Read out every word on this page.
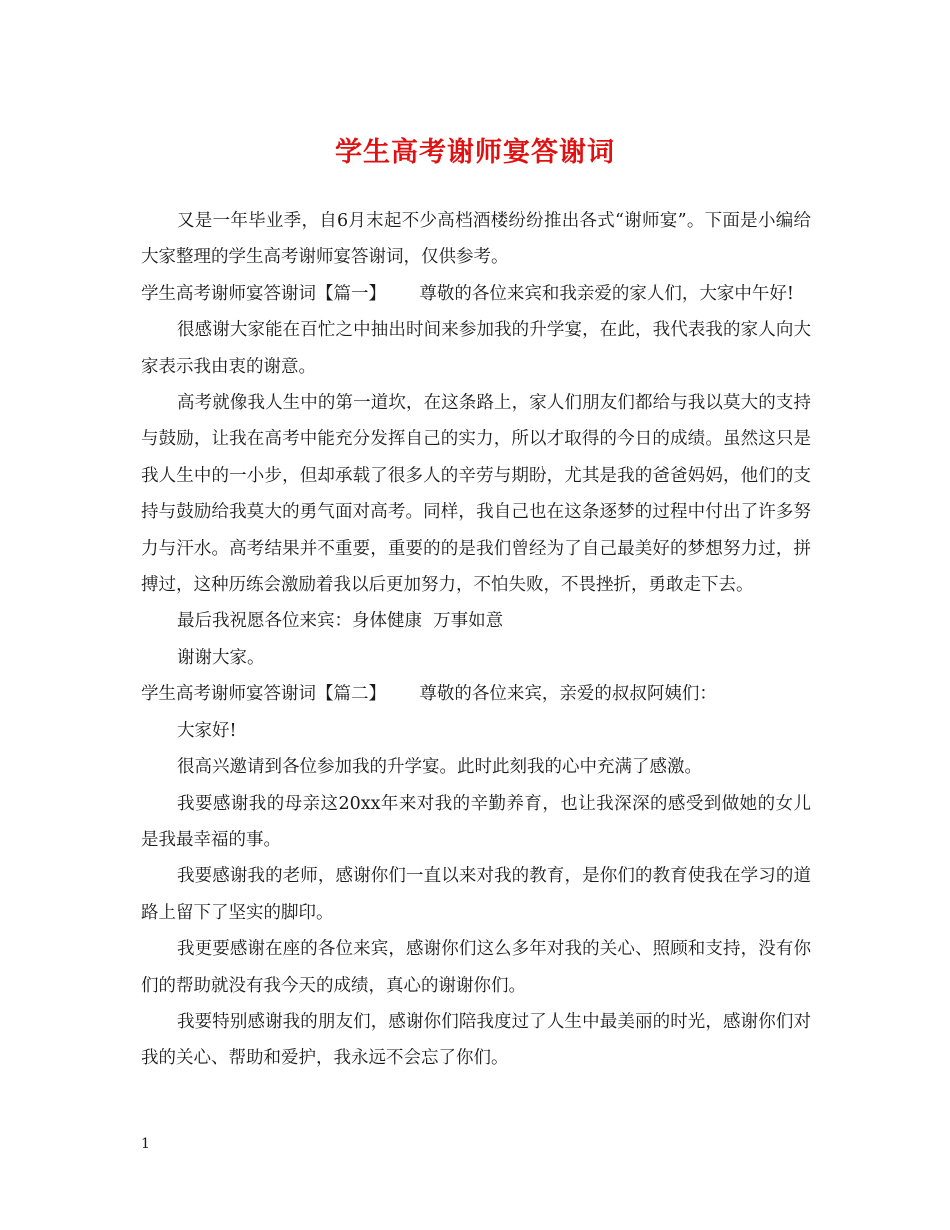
学生高考谢师宴答谢词

又是一年毕业季，自6月末起不少高档酒楼纷纷推出各式“谢师宴”。下面是小编给大家整理的学生高考谢师宴答谢词，仅供参考。

学生高考谢师宴答谢词【篇一】 尊敬的各位来宾和我亲爱的家人们，大家中午好!

很感谢大家能在百忙之中抽出时间来参加我的升学宴，在此，我代表我的家人向大家表示我由衷的谢意。

高考就像我人生中的第一道坎，在这条路上，家人们朋友们都给与我以莫大的支持与鼓励，让我在高考中能充分发挥自己的实力，所以才取得的今日的成绩。虽然这只是我人生中的一小步，但却承载了很多人的辛劳与期盼，尤其是我的爸爸妈妈，他们的支持与鼓励给我莫大的勇气面对高考。同样，我自己也在这条逐梦的过程中付出了许多努力与汗水。高考结果并不重要，重要的的是我们曾经为了自己最美好的梦想努力过，拼搏过，这种历练会激励着我以后更加努力，不怕失败，不畏挫折，勇敢走下去。

最后我祝愿各位来宾：身体健康  万事如意

谢谢大家。

学生高考谢师宴答谢词【篇二】 尊敬的各位来宾，亲爱的叔叔阿姨们：

大家好!

很高兴邀请到各位参加我的升学宴。此时此刻我的心中充满了感激。

我要感谢我的母亲这20xx年来对我的辛勤养育，也让我深深的感受到做她的女儿是我最幸福的事。

我要感谢我的老师，感谢你们一直以来对我的教育，是你们的教育使我在学习的道路上留下了坚实的脚印。

我更要感谢在座的各位来宾，感谢你们这么多年对我的关心、照顾和支持，没有你们的帮助就没有我今天的成绩，真心的谢谢你们。

我要特别感谢我的朋友们，感谢你们陪我度过了人生中最美丽的时光，感谢你们对我的关心、帮助和爱护，我永远不会忘了你们。

1
